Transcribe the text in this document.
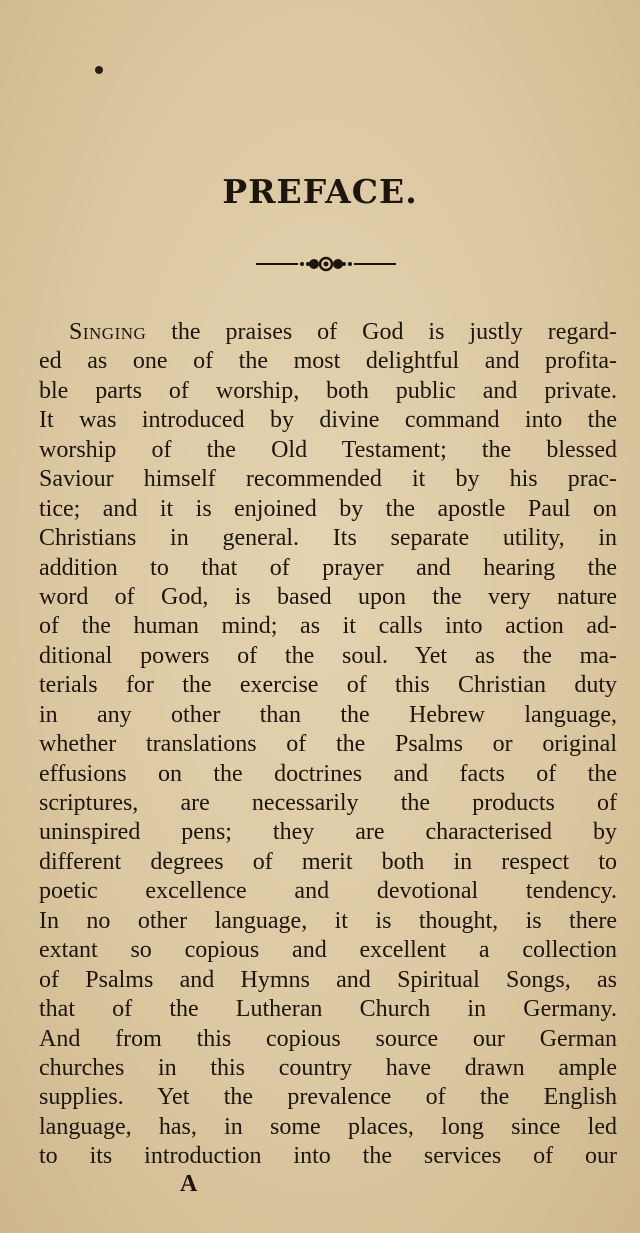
PREFACE.
Singing the praises of God is justly regard-
ed as one of the most delightful and profita-
ble parts of worship, both public and private.
It was introduced by divine command into the
worship of the Old Testament; the blessed
Saviour himself recommended it by his prac-
tice; and it is enjoined by the apostle Paul on
Christians in general. Its separate utility, in
addition to that of prayer and hearing the
word of God, is based upon the very nature
of the human mind; as it calls into action ad-
ditional powers of the soul. Yet as the ma-
terials for the exercise of this Christian duty
in any other than the Hebrew language,
whether translations of the Psalms or original
effusions on the doctrines and facts of the
scriptures, are necessarily the products of
uninspired pens; they are characterised by
different degrees of merit both in respect to
poetic excellence and devotional tendency.
In no other language, it is thought, is there
extant so copious and excellent a collection
of Psalms and Hymns and Spiritual Songs, as
that of the Lutheran Church in Germany.
And from this copious source our German
churches in this country have drawn ample
supplies. Yet the prevalence of the English
language, has, in some places, long since led
to its introduction into the services of our
A
